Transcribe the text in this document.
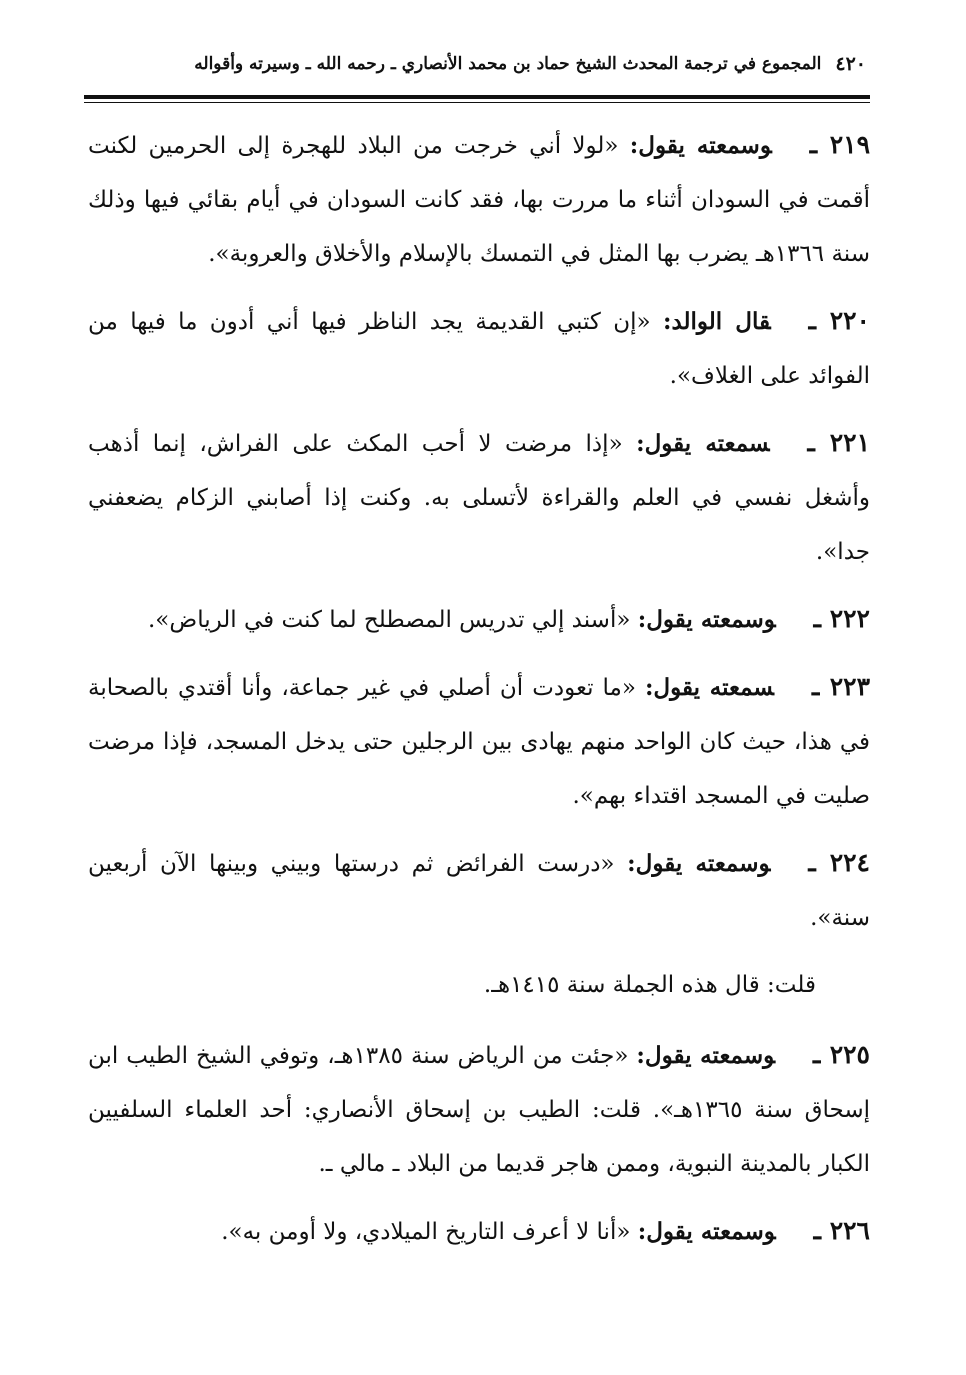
٤٢٠
المجموع في ترجمة المحدث الشيخ حماد بن محمد الأنصاري ـ رحمه الله ـ وسيرته وأقواله

٢١٩ ـوسمعته يقول: «لولا أني خرجت من البلاد للهجرة إلى الحرمين لكنت أقمت في السودان أثناء ما مررت بها، فقد كانت السودان في أيام بقائي فيها وذلك سنة ١٣٦٦هـ يضرب بها المثل في التمسك بالإسلام والأخلاق والعروبة».

٢٢٠ ـقال الوالد: «إن كتبي القديمة يجد الناظر فيها أني أدون ما فيها من الفوائد على الغلاف».

٢٢١ ـسمعته يقول: «إذا مرضت لا أحب المكث على الفراش، إنما أذهب وأشغل نفسي في العلم والقراءة لأتسلى به. وكنت إذا أصابني الزكام يضعفني جدا».

٢٢٢ ـوسمعته يقول: «أسند إلي تدريس المصطلح لما كنت في الرياض».

٢٢٣ ـسمعته يقول: «ما تعودت أن أصلي في غير جماعة، وأنا أقتدي بالصحابة في هذا، حيث كان الواحد منهم يهادى بين الرجلين حتى يدخل المسجد، فإذا مرضت صليت في المسجد اقتداء بهم».

٢٢٤ ـوسمعته يقول: «درست الفرائض ثم درستها وبيني وبينها الآن أربعين سنة».

قلت: قال هذه الجملة سنة ١٤١٥هـ.

٢٢٥ ـوسمعته يقول: «جئت من الرياض سنة ١٣٨٥هـ، وتوفي الشيخ الطيب ابن إسحاق سنة ١٣٦٥هـ». قلت: الطيب بن إسحاق الأنصاري: أحد العلماء السلفيين الكبار بالمدينة النبوية، وممن هاجر قديما من البلاد ـ مالي ـ.

٢٢٦ ـوسمعته يقول: «أنا لا أعرف التاريخ الميلادي، ولا أومن به».
